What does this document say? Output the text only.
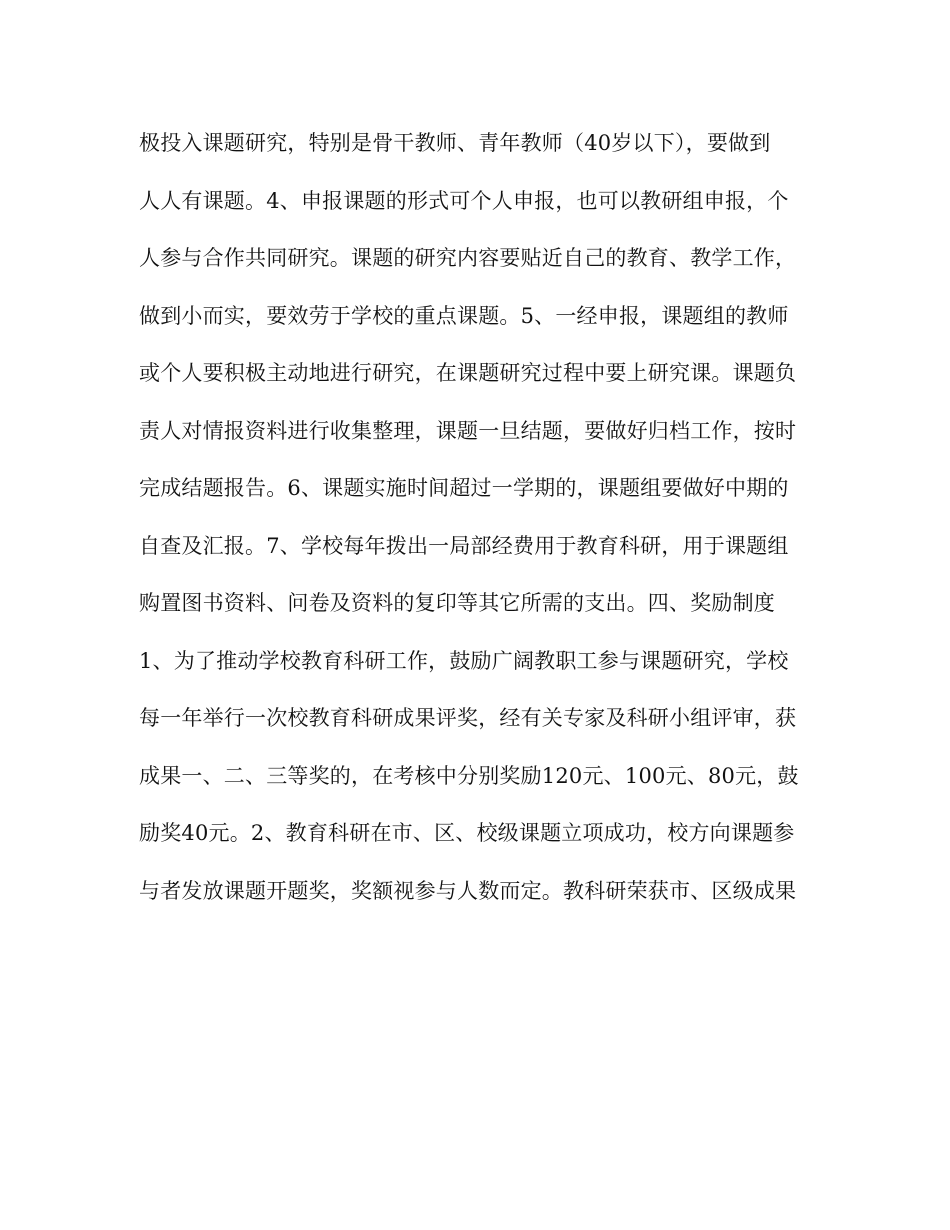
极投入课题研究，特别是骨干教师、青年教师（40岁以下），要做到
人人有课题。4、申报课题的形式可个人申报，也可以教研组申报，个
人参与合作共同研究。课题的研究内容要贴近自己的教育、教学工作，
做到小而实，要效劳于学校的重点课题。5、一经申报，课题组的教师
或个人要积极主动地进行研究，在课题研究过程中要上研究课。课题负
责人对情报资料进行收集整理，课题一旦结题，要做好归档工作，按时
完成结题报告。6、课题实施时间超过一学期的，课题组要做好中期的
自查及汇报。7、学校每年拨出一局部经费用于教育科研，用于课题组
购置图书资料、问卷及资料的复印等其它所需的支出。四、奖励制度
1、为了推动学校教育科研工作，鼓励广阔教职工参与课题研究，学校
每一年举行一次校教育科研成果评奖，经有关专家及科研小组评审，获
成果一、二、三等奖的，在考核中分别奖励120元、100元、80元，鼓
励奖40元。2、教育科研在市、区、校级课题立项成功，校方向课题参
与者发放课题开题奖，奖额视参与人数而定。教科研荣获市、区级成果
